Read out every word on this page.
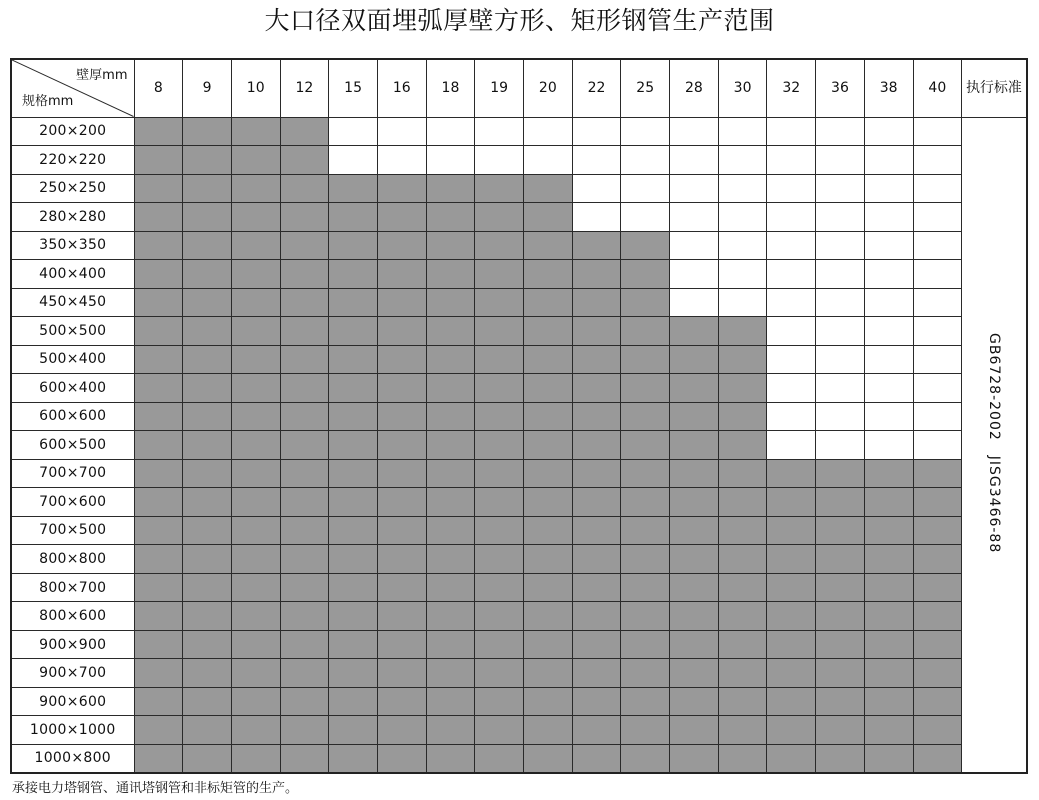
大口径双面埋弧厚壁方形、矩形钢管生产范围
壁厚mm
规格mm	8	9	10	12	15	16	18	19	20	22	25	28	30	32	36	38	40	执行标准
200×200																		GB6728-2002　JISG3466-88
220×220																		
250×250																		
280×280																		
350×350																		
400×400																		
450×450																		
500×500																		
500×400																		
600×400																		
600×600																		
600×500																		
700×700																		
700×600																		
700×500																		
800×800																		
800×700																		
800×600																		
900×900																		
900×700																		
900×600																		
1000×1000																		
1000×800																		
承接电力塔钢管、通讯塔钢管和非标矩管的生产。
